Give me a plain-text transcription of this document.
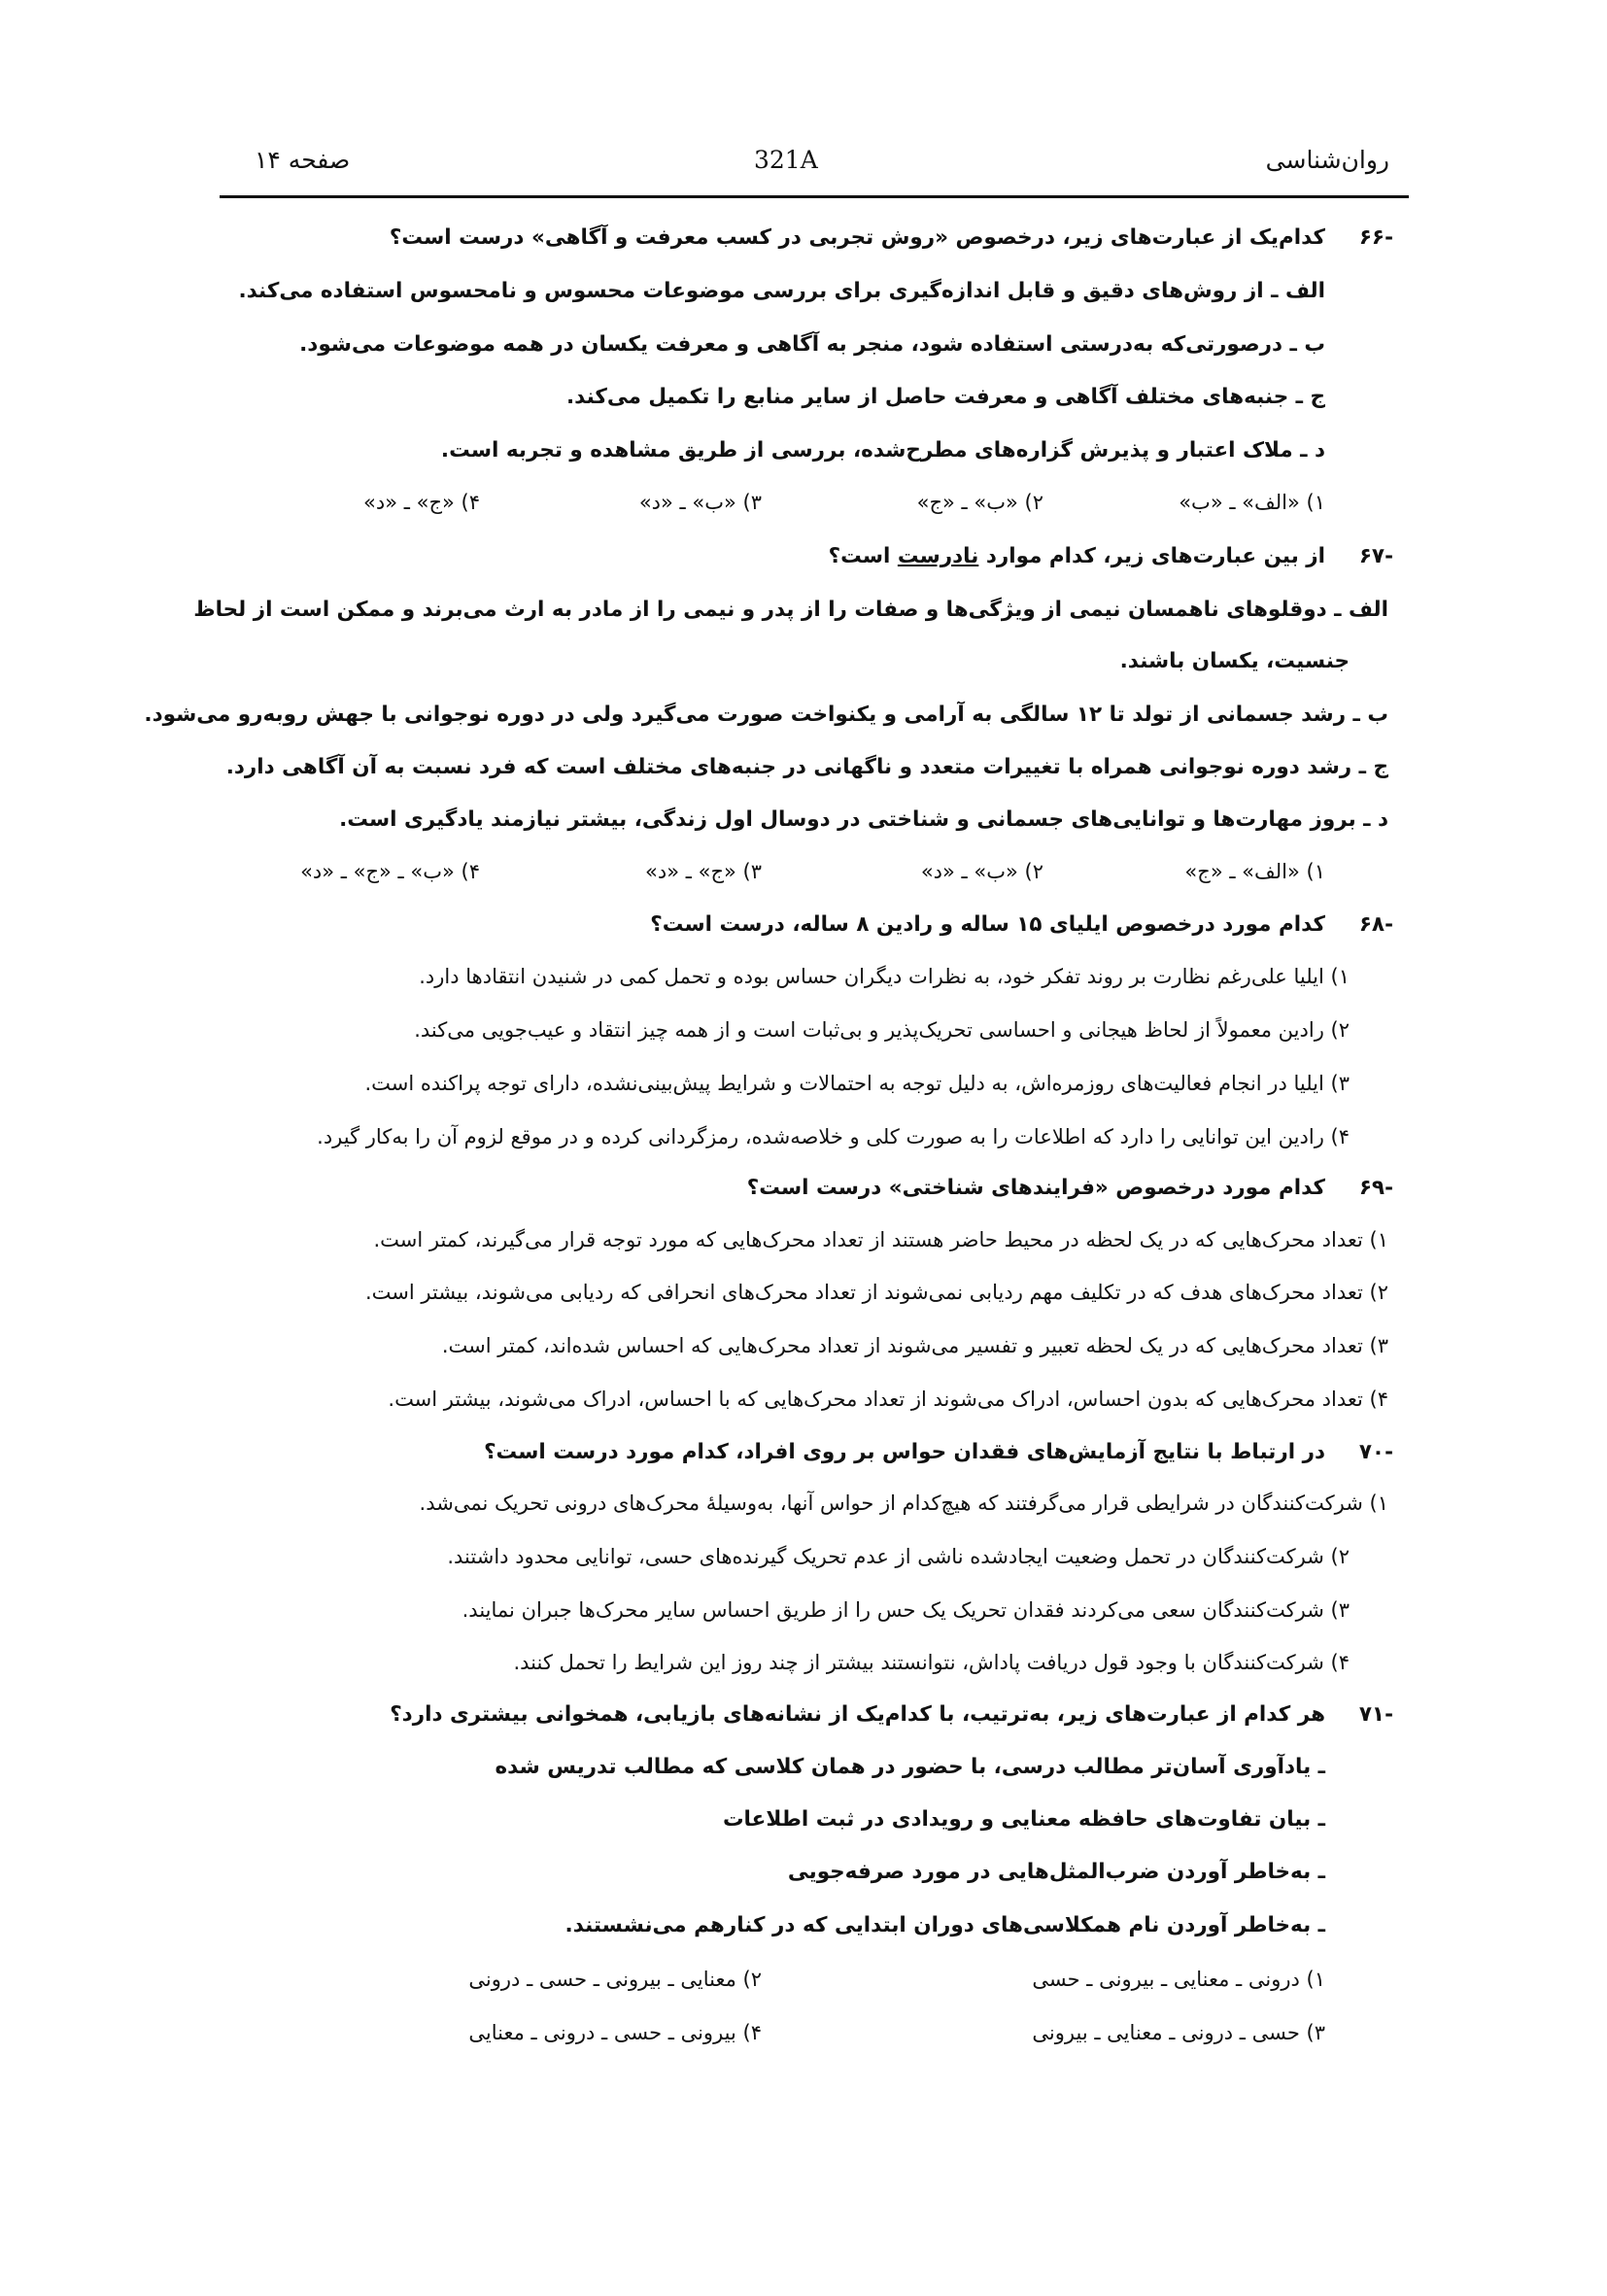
صفحه ۱۴	321A	روان‌شناسی
-۶۶
کدام‌یک از عبارت‌های زیر، درخصوص «روش تجربی در کسب معرفت و آگاهی» درست است؟
الف ـ از روش‌های دقیق و قابل اندازه‌گیری برای بررسی موضوعات محسوس و نامحسوس استفاده می‌کند.
ب ـ درصورتی‌که به‌درستی استفاده شود، منجر به آگاهی و معرفت یکسان در همه موضوعات می‌شود.
ج ـ جنبه‌های مختلف آگاهی و معرفت حاصل از سایر منابع را تکمیل می‌کند.
د ـ ملاک اعتبار و پذیرش گزاره‌های مطرح‌شده، بررسی از طریق مشاهده و تجربه است.
۱) «الف» ـ «ب»
۲) «ب» ـ «ج»
۳) «ب» ـ «د»
۴) «ج» ـ «د»
-۶۷
از بین عبارت‌های زیر، کدام موارد نادرست است؟
الف ـ دوقلوهای ناهمسان نیمی از ویژگی‌ها و صفات را از پدر و نیمی را از مادر به ارث می‌برند و ممکن است از لحاظ
جنسیت، یکسان باشند.
ب ـ رشد جسمانی از تولد تا ۱۲ سالگی به آرامی و یکنواخت صورت می‌گیرد ولی در دوره نوجوانی با جهش روبه‌رو می‌شود.
ج ـ رشد دوره نوجوانی همراه با تغییرات متعدد و ناگهانی در جنبه‌های مختلف است که فرد نسبت به آن آگاهی دارد.
د ـ بروز مهارت‌ها و توانایی‌های جسمانی و شناختی در دوسال اول زندگی، بیشتر نیازمند یادگیری است.
۱) «الف» ـ «ج»
۲) «ب» ـ «د»
۳) «ج» ـ «د»
۴) «ب» ـ «ج» ـ «د»
-۶۸
کدام مورد درخصوص ایلیای ۱۵ ساله و رادین ۸ ساله، درست است؟
۱) ایلیا علی‌رغم نظارت بر روند تفکر خود، به نظرات دیگران حساس بوده و تحمل کمی در شنیدن انتقادها دارد.
۲) رادین معمولاً از لحاظ هیجانی و احساسی تحریک‌پذیر و بی‌ثبات است و از همه چیز انتقاد و عیب‌جویی می‌کند.
۳) ایلیا در انجام فعالیت‌های روزمره‌اش، به دلیل توجه به احتمالات و شرایط پیش‌بینی‌نشده، دارای توجه پراکنده است.
۴) رادین این توانایی را دارد که اطلاعات را به صورت کلی و خلاصه‌شده، رمزگردانی کرده و در موقع لزوم آن را به‌کار گیرد.
-۶۹
کدام مورد درخصوص «فرایندهای شناختی» درست است؟
۱) تعداد محرک‌هایی که در یک لحظه در محیط حاضر هستند از تعداد محرک‌هایی که مورد توجه قرار می‌گیرند، کمتر است.
۲) تعداد محرک‌های هدف که در تکلیف مهم ردیابی نمی‌شوند از تعداد محرک‌های انحرافی که ردیابی می‌شوند، بیشتر است.
۳) تعداد محرک‌هایی که در یک لحظه تعبیر و تفسیر می‌شوند از تعداد محرک‌هایی که احساس شده‌اند، کمتر است.
۴) تعداد محرک‌هایی که بدون احساس، ادراک می‌شوند از تعداد محرک‌هایی که با احساس، ادراک می‌شوند، بیشتر است.
-۷۰
در ارتباط با نتایج آزمایش‌های فقدان حواس بر روی افراد، کدام مورد درست است؟
۱) شرکت‌کنندگان در شرایطی قرار می‌گرفتند که هیچ‌کدام از حواس آنها، به‌وسیلهٔ محرک‌های درونی تحریک نمی‌شد.
۲) شرکت‌کنندگان در تحمل وضعیت ایجادشده ناشی از عدم تحریک گیرنده‌های حسی، توانایی محدود داشتند.
۳) شرکت‌کنندگان سعی می‌کردند فقدان تحریک یک حس را از طریق احساس سایر محرک‌ها جبران نمایند.
۴) شرکت‌کنندگان با وجود قول دریافت پاداش، نتوانستند بیشتر از چند روز این شرایط را تحمل کنند.
-۷۱
هر کدام از عبارت‌های زیر، به‌ترتیب، با کدام‌یک از نشانه‌های بازیابی، همخوانی بیشتری دارد؟
ـ یادآوری آسان‌تر مطالب درسی، با حضور در همان کلاسی که مطالب تدریس شده
ـ بیان تفاوت‌های حافظه معنایی و رویدادی در ثبت اطلاعات
ـ به‌خاطر آوردن ضرب‌المثل‌هایی در مورد صرفه‌جویی
ـ به‌خاطر آوردن نام همکلاسی‌های دوران ابتدایی که در کنارهم می‌نشستند.
۱) درونی ـ معنایی ـ بیرونی ـ حسی
۲) معنایی ـ بیرونی ـ حسی ـ درونی
۳) حسی ـ درونی ـ معنایی ـ بیرونی
۴) بیرونی ـ حسی ـ درونی ـ معنایی
